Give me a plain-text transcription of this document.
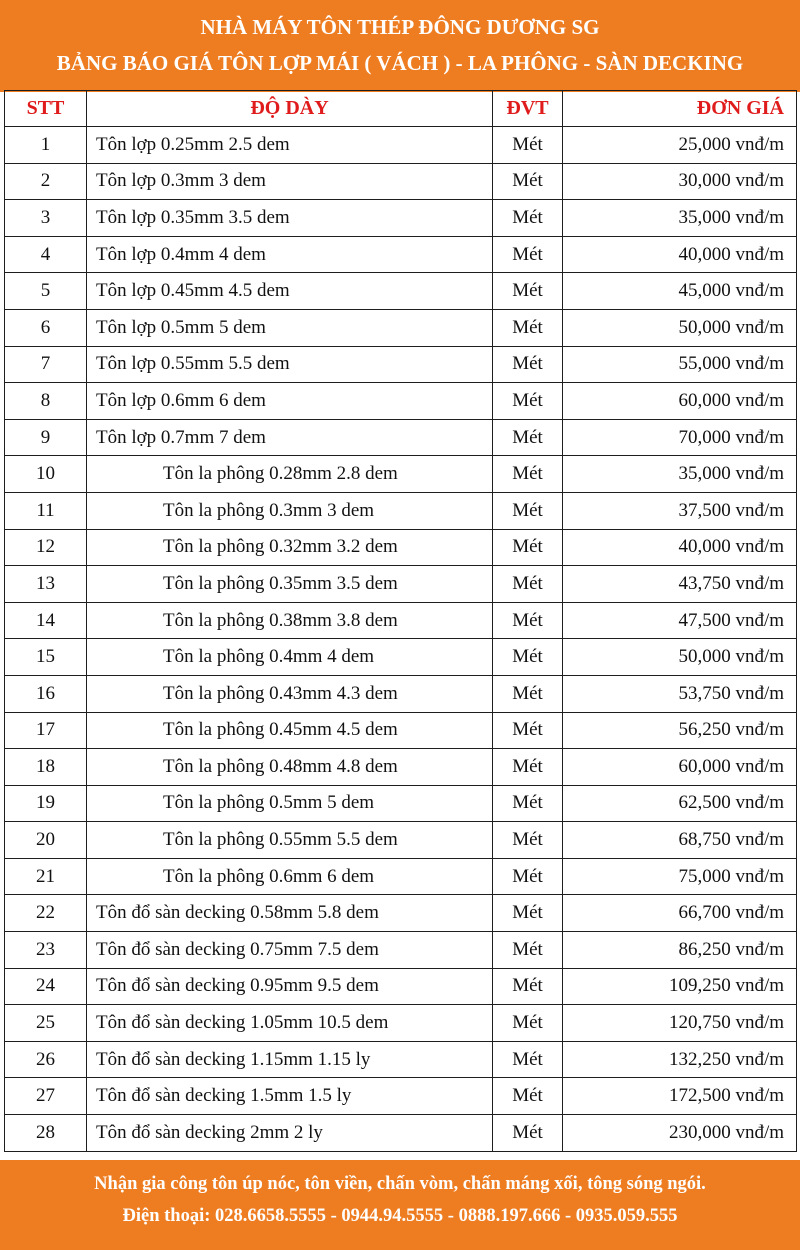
NHÀ MÁY TÔN THÉP ĐÔNG DƯƠNG SG
BẢNG BÁO GIÁ TÔN LỢP MÁI ( VÁCH ) - LA PHÔNG - SÀN DECKING
STT	ĐỘ DÀY	ĐVT	ĐƠN GIÁ
1	Tôn lợp 0.25mm 2.5 dem	Mét	25,000 vnđ/m
2	Tôn lợp 0.3mm 3 dem	Mét	30,000 vnđ/m
3	Tôn lợp 0.35mm 3.5 dem	Mét	35,000 vnđ/m
4	Tôn lợp 0.4mm 4 dem	Mét	40,000 vnđ/m
5	Tôn lợp 0.45mm 4.5 dem	Mét	45,000 vnđ/m
6	Tôn lợp 0.5mm 5 dem	Mét	50,000 vnđ/m
7	Tôn lợp 0.55mm 5.5 dem	Mét	55,000 vnđ/m
8	Tôn lợp 0.6mm 6 dem	Mét	60,000 vnđ/m
9	Tôn lợp 0.7mm 7 dem	Mét	70,000 vnđ/m
10	Tôn la phông 0.28mm 2.8 dem	Mét	35,000 vnđ/m
11	Tôn la phông 0.3mm 3 dem	Mét	37,500 vnđ/m
12	Tôn la phông 0.32mm 3.2 dem	Mét	40,000 vnđ/m
13	Tôn la phông 0.35mm 3.5 dem	Mét	43,750 vnđ/m
14	Tôn la phông 0.38mm 3.8 dem	Mét	47,500 vnđ/m
15	Tôn la phông 0.4mm 4 dem	Mét	50,000 vnđ/m
16	Tôn la phông 0.43mm 4.3 dem	Mét	53,750 vnđ/m
17	Tôn la phông 0.45mm 4.5 dem	Mét	56,250 vnđ/m
18	Tôn la phông 0.48mm 4.8 dem	Mét	60,000 vnđ/m
19	Tôn la phông 0.5mm 5 dem	Mét	62,500 vnđ/m
20	Tôn la phông 0.55mm 5.5 dem	Mét	68,750 vnđ/m
21	Tôn la phông 0.6mm 6 dem	Mét	75,000 vnđ/m
22	Tôn đổ sàn decking 0.58mm 5.8 dem	Mét	66,700 vnđ/m
23	Tôn đổ sàn decking 0.75mm 7.5 dem	Mét	86,250 vnđ/m
24	Tôn đổ sàn decking 0.95mm 9.5 dem	Mét	109,250 vnđ/m
25	Tôn đổ sàn decking 1.05mm 10.5 dem	Mét	120,750 vnđ/m
26	Tôn đổ sàn decking 1.15mm 1.15 ly	Mét	132,250 vnđ/m
27	Tôn đổ sàn decking 1.5mm 1.5 ly	Mét	172,500 vnđ/m
28	Tôn đổ sàn decking 2mm 2 ly	Mét	230,000 vnđ/m
Nhận gia công tôn úp nóc, tôn viền, chấn vòm, chấn máng xối, tông sóng ngói.
Điện thoại: 028.6658.5555 - 0944.94.5555 - 0888.197.666 - 0935.059.555
